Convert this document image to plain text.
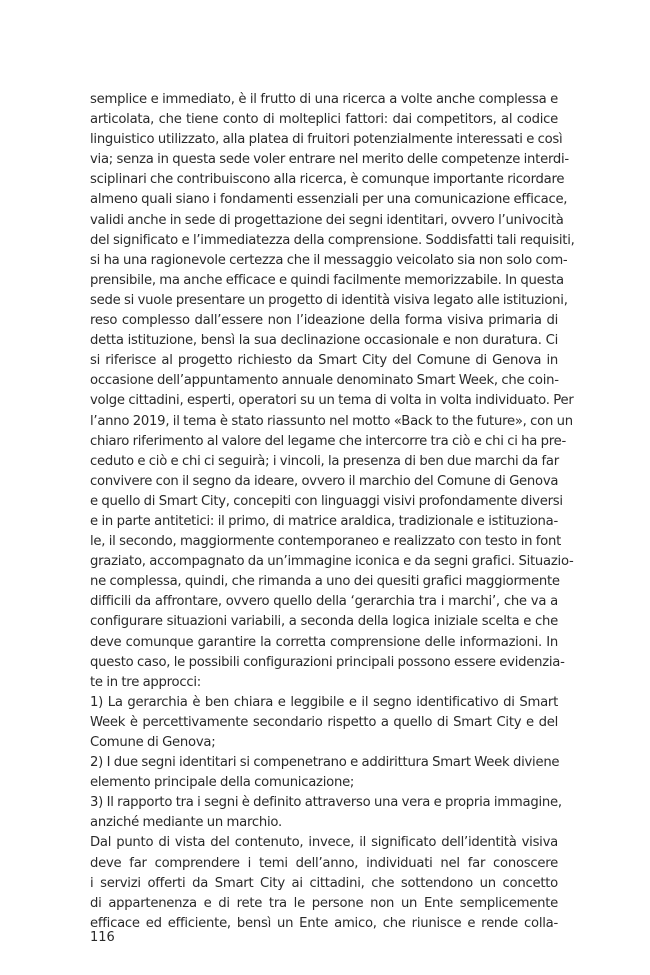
semplice e immediato, è il frutto di una ricerca a volte anche complessa e
articolata, che tiene conto di molteplici fattori: dai competitors, al codice
linguistico utilizzato, alla platea di fruitori potenzialmente interessati e così
via; senza in questa sede voler entrare nel merito delle competenze interdi-
sciplinari che contribuiscono alla ricerca, è comunque importante ricordare
almeno quali siano i fondamenti essenziali per una comunicazione efficace,
validi anche in sede di progettazione dei segni identitari, ovvero l’univocità
del significato e l’immediatezza della comprensione. Soddisfatti tali requisiti,
si ha una ragionevole certezza che il messaggio veicolato sia non solo com-
prensibile, ma anche efficace e quindi facilmente memorizzabile. In questa
sede si vuole presentare un progetto di identità visiva legato alle istituzioni,
reso complesso dall’essere non l’ideazione della forma visiva primaria di
detta istituzione, bensì la sua declinazione occasionale e non duratura. Ci
si riferisce al progetto richiesto da Smart City del Comune di Genova in
occasione dell’appuntamento annuale denominato Smart Week, che coin-
volge cittadini, esperti, operatori su un tema di volta in volta individuato. Per
l’anno 2019, il tema è stato riassunto nel motto «Back to the future», con un
chiaro riferimento al valore del legame che intercorre tra ciò e chi ci ha pre-
ceduto e ciò e chi ci seguirà; i vincoli, la presenza di ben due marchi da far
convivere con il segno da ideare, ovvero il marchio del Comune di Genova
e quello di Smart City, concepiti con linguaggi visivi profondamente diversi
e in parte antitetici: il primo, di matrice araldica, tradizionale e istituziona-
le, il secondo, maggiormente contemporaneo e realizzato con testo in font
graziato, accompagnato da un’immagine iconica e da segni grafici. Situazio-
ne complessa, quindi, che rimanda a uno dei quesiti grafici maggiormente
difficili da affrontare, ovvero quello della ‘gerarchia tra i marchi’, che va a
configurare situazioni variabili, a seconda della logica iniziale scelta e che
deve comunque garantire la corretta comprensione delle informazioni. In
questo caso, le possibili configurazioni principali possono essere evidenzia-
te in tre approcci:
1) La gerarchia è ben chiara e leggibile e il segno identificativo di Smart
Week è percettivamente secondario rispetto a quello di Smart City e del
Comune di Genova;
2) I due segni identitari si compenetrano e addirittura Smart Week diviene
elemento principale della comunicazione;
3) Il rapporto tra i segni è definito attraverso una vera e propria immagine,
anziché mediante un marchio.
Dal punto di vista del contenuto, invece, il significato dell’identità visiva
deve far comprendere i temi dell’anno, individuati nel far conoscere
i servizi offerti da Smart City ai cittadini, che sottendono un concetto
di appartenenza e di rete tra le persone non un Ente semplicemente
efficace ed efficiente, bensì un Ente amico, che riunisce e rende colla-
116
